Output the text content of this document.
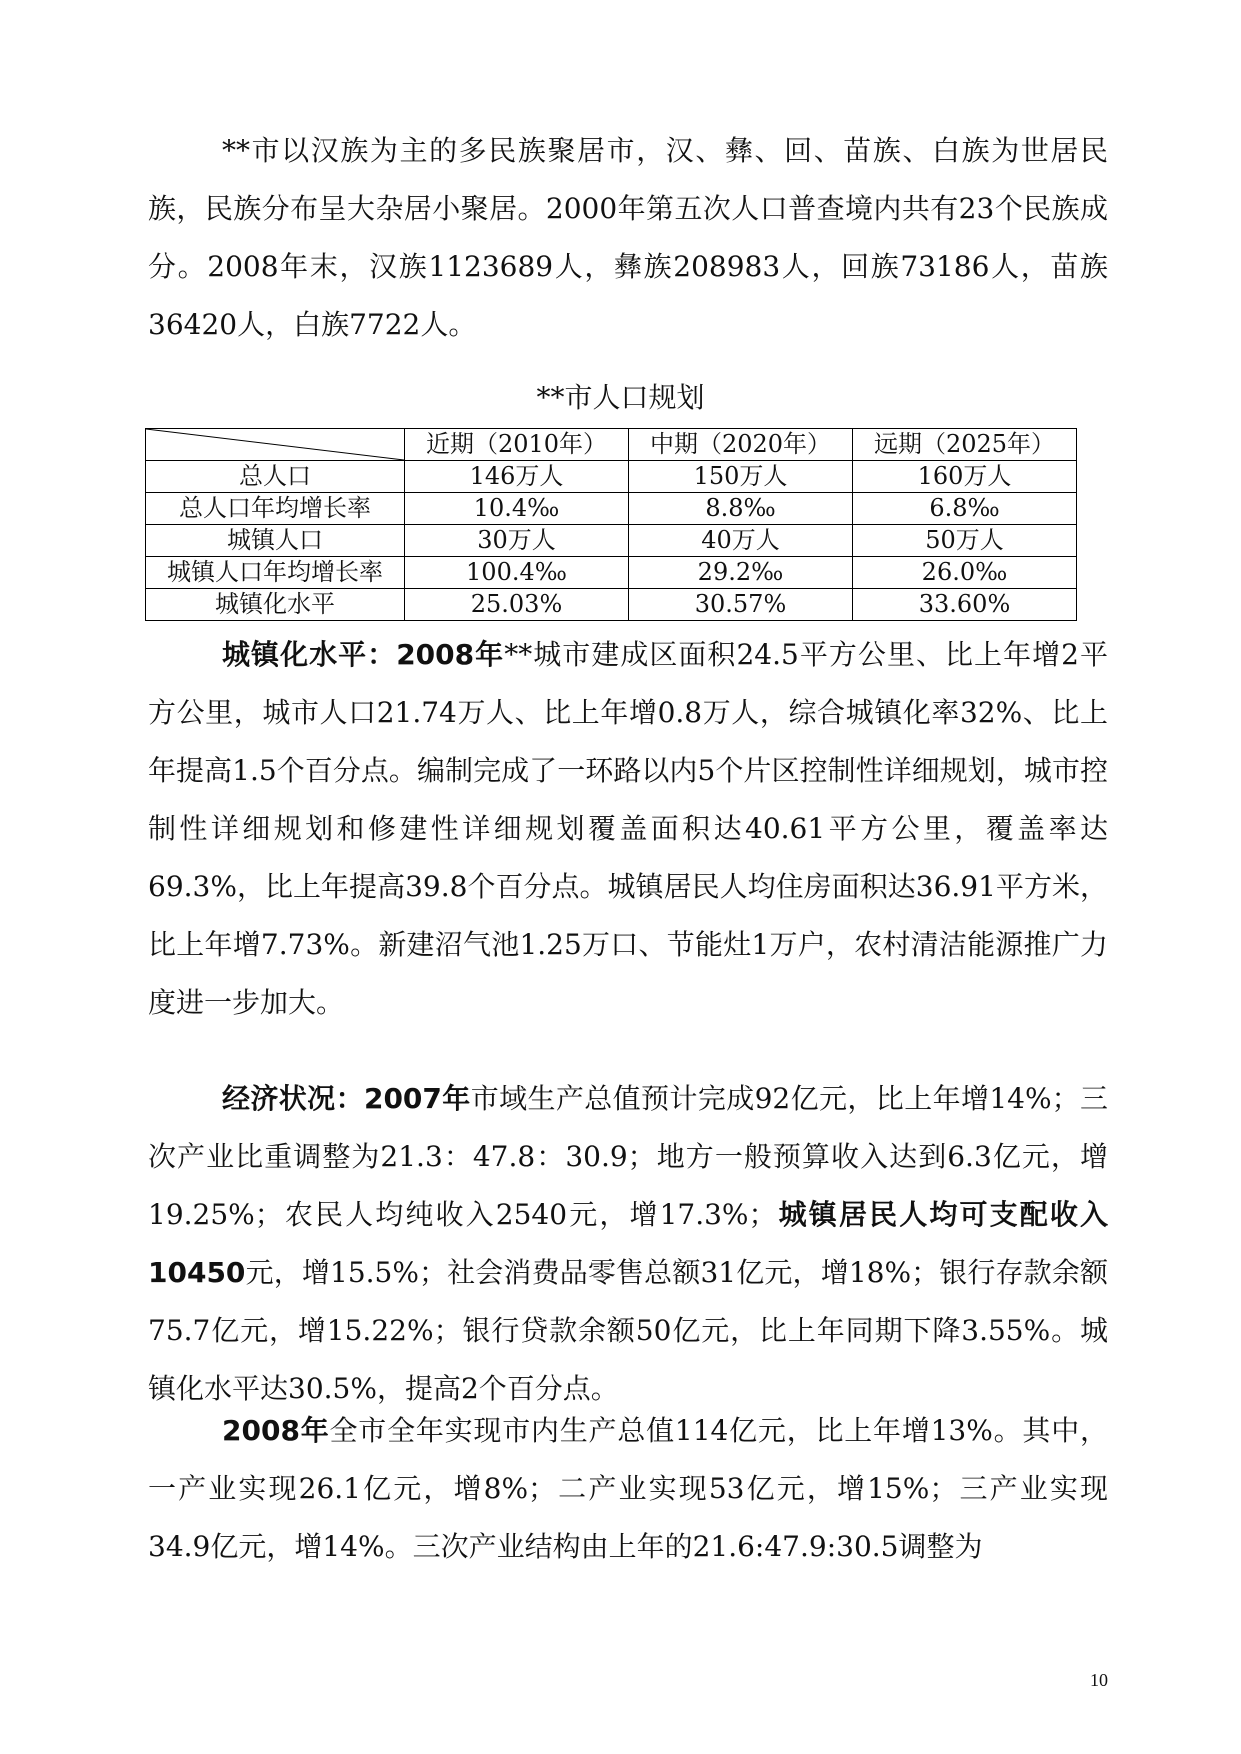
**市以汉族为主的多民族聚居市，汉、彝、回、苗族、白族为世居民族，民族分布呈大杂居小聚居。2000年第五次人口普查境内共有23个民族成分。2008年末，汉族1123689人，彝族208983人，回族73186人，苗族36420人，白族7722人。

**市人口规划
	近期（2010年）	中期（2020年）	远期（2025年）
总人口	146万人	150万人	160万人
总人口年均增长率	10.4‰	8.8‰	6.8‰
城镇人口	30万人	40万人	50万人
城镇人口年均增长率	100.4‰	29.2‰	26.0‰
城镇化水平	25.03%	30.57%	33.60%

城镇化水平：2008年**城市建成区面积24.5平方公里、比上年增2平方公里，城市人口21.74万人、比上年增0.8万人，综合城镇化率32%、比上年提高1.5个百分点。编制完成了一环路以内5个片区控制性详细规划，城市控制性详细规划和修建性详细规划覆盖面积达40.61平方公里，覆盖率达69.3%，比上年提高39.8个百分点。城镇居民人均住房面积达36.91平方米，比上年增7.73%。新建沼气池1.25万口、节能灶1万户，农村清洁能源推广力度进一步加大。

经济状况：2007年市域生产总值预计完成92亿元，比上年增14%；三次产业比重调整为21.3：47.8：30.9；地方一般预算收入达到6.3亿元，增19.25%；农民人均纯收入2540元，增17.3%；城镇居民人均可支配收入10450元，增15.5%；社会消费品零售总额31亿元，增18%；银行存款余额75.7亿元，增15.22%；银行贷款余额50亿元，比上年同期下降3.55%。城镇化水平达30.5%，提高2个百分点。

2008年全市全年实现市内生产总值114亿元，比上年增13%。其中，一产业实现26.1亿元，增8%；二产业实现53亿元，增15%；三产业实现34.9亿元，增14%。三次产业结构由上年的21.6:47.9:30.5调整为

10
